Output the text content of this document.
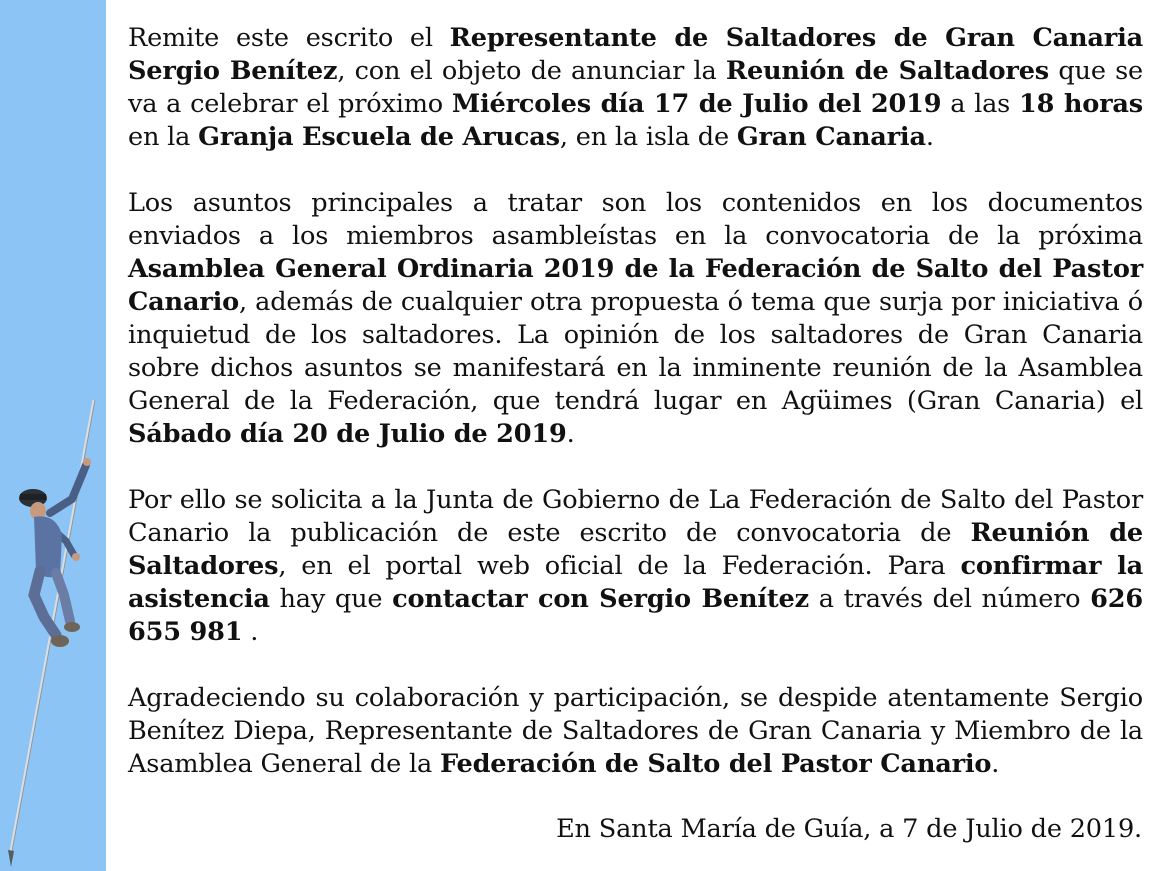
Remite este escrito el Representante de Saltadores de Gran Canaria Sergio Benítez, con el objeto de anunciar la Reunión de Saltadores que se va a celebrar el próximo Miércoles día 17 de Julio del 2019 a las 18 horas en la Granja Escuela de Arucas, en la isla de Gran Canaria.

Los asuntos principales a tratar son los contenidos en los documentos enviados a los miembros asambleístas en la convocatoria de la próxima Asamblea General Ordinaria 2019 de la Federación de Salto del Pastor Canario, además de cualquier otra propuesta ó tema que surja por iniciativa ó inquietud de los saltadores. La opinión de los saltadores de Gran Canaria sobre dichos asuntos se manifestará en la inminente reunión de la Asamblea General de la Federación, que tendrá lugar en Agüimes (Gran Canaria) el Sábado día 20 de Julio de 2019.

Por ello se solicita a la Junta de Gobierno de La Federación de Salto del Pastor Canario la publicación de este escrito de convocatoria de Reunión de Saltadores, en el portal web oficial de la Federación. Para confirmar la asistencia hay que contactar con Sergio Benítez a través del número 626 655 981 .

Agradeciendo su colaboración y participación, se despide atentamente Sergio Benítez Diepa, Representante de Saltadores de Gran Canaria y Miembro de la Asamblea General de la Federación de Salto del Pastor Canario.

En Santa María de Guía, a 7 de Julio de 2019.
